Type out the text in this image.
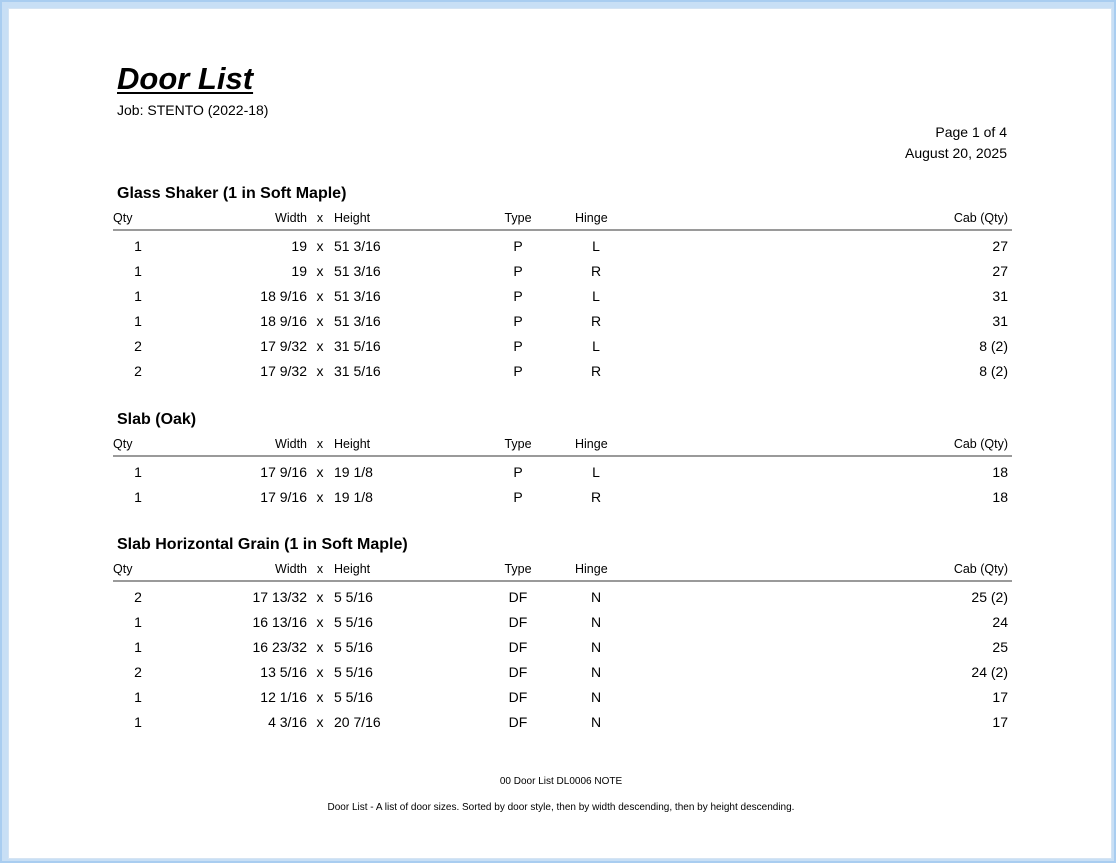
Door List
Job: STENTO (2022-18)
Page 1 of 4
August 20, 2025
Glass Shaker (1 in Soft Maple)
Qty	Width x Height	Type	Hinge	Cab (Qty)
1	19 x 51 3/16	P	L	27
1	19 x 51 3/16	P	R	27
1	18 9/16 x 51 3/16	P	L	31
1	18 9/16 x 51 3/16	P	R	31
2	17 9/32 x 31 5/16	P	L	8 (2)
2	17 9/32 x 31 5/16	P	R	8 (2)
Slab (Oak)
Qty	Width x Height	Type	Hinge	Cab (Qty)
1	17 9/16 x 19 1/8	P	L	18
1	17 9/16 x 19 1/8	P	R	18
Slab Horizontal Grain (1 in Soft Maple)
Qty	Width x Height	Type	Hinge	Cab (Qty)
2	17 13/32 x 5 5/16	DF	N	25 (2)
1	16 13/16 x 5 5/16	DF	N	24
1	16 23/32 x 5 5/16	DF	N	25
2	13 5/16 x 5 5/16	DF	N	24 (2)
1	12 1/16 x 5 5/16	DF	N	17
1	4 3/16 x 20 7/16	DF	N	17
00 Door List DL0006 NOTE
Door List - A list of door sizes. Sorted by door style, then by width descending, then by height descending.
